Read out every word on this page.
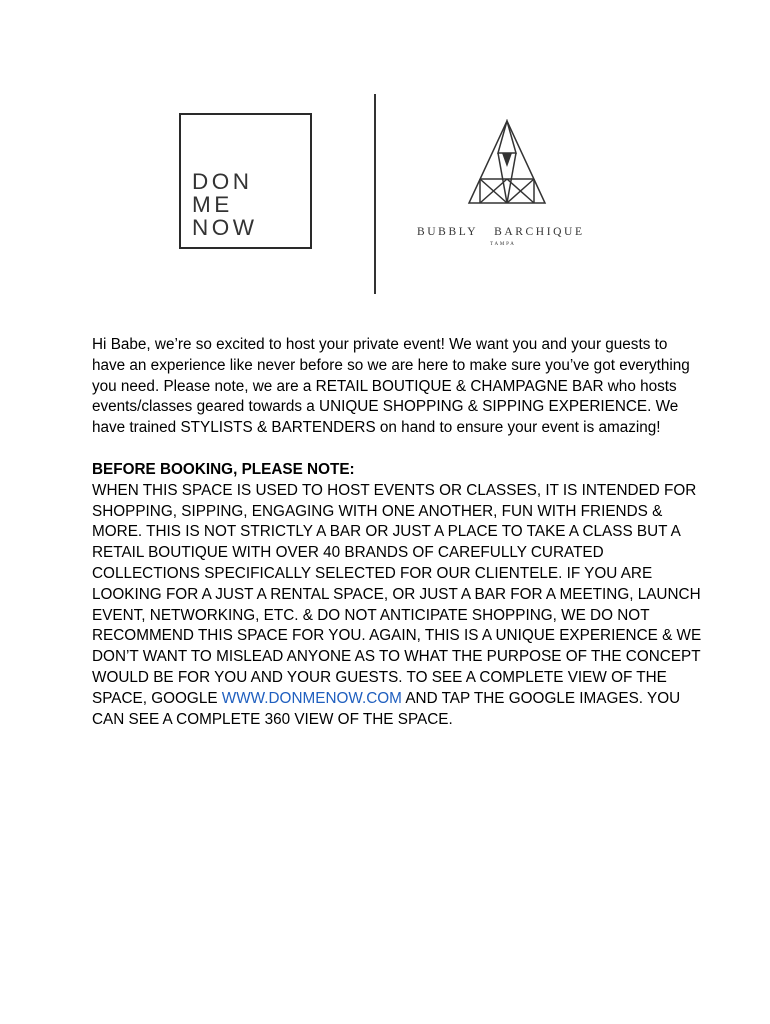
DON
ME
NOW	BUBBLY   BARCHIQUE
TAMPA

Hi Babe, we’re so excited to host your private event! We want you and your guests to have an experience like never before so we are here to make sure you’ve got everything you need. Please note, we are a RETAIL BOUTIQUE & CHAMPAGNE BAR who hosts events/classes geared towards a UNIQUE SHOPPING & SIPPING EXPERIENCE. We have trained STYLISTS & BARTENDERS on hand to ensure your event is amazing!

BEFORE BOOKING, PLEASE NOTE:

WHEN THIS SPACE IS USED TO HOST EVENTS OR CLASSES, IT IS INTENDED FOR SHOPPING, SIPPING, ENGAGING WITH ONE ANOTHER, FUN WITH FRIENDS & MORE. THIS IS NOT STRICTLY A BAR OR JUST A PLACE TO TAKE A CLASS BUT A RETAIL BOUTIQUE WITH OVER 40 BRANDS OF CAREFULLY CURATED COLLECTIONS SPECIFICALLY SELECTED FOR OUR CLIENTELE. IF YOU ARE LOOKING FOR A JUST A RENTAL SPACE, OR JUST A BAR FOR A MEETING, LAUNCH EVENT, NETWORKING, ETC. & DO NOT ANTICIPATE SHOPPING, WE DO NOT RECOMMEND THIS SPACE FOR YOU. AGAIN, THIS IS A UNIQUE EXPERIENCE & WE DON’T WANT TO MISLEAD ANYONE AS TO WHAT THE PURPOSE OF THE CONCEPT WOULD BE FOR YOU AND YOUR GUESTS. TO SEE A COMPLETE VIEW OF THE SPACE, GOOGLE WWW.DONMENOW.COM AND TAP THE GOOGLE IMAGES. YOU CAN SEE A COMPLETE 360 VIEW OF THE SPACE.
